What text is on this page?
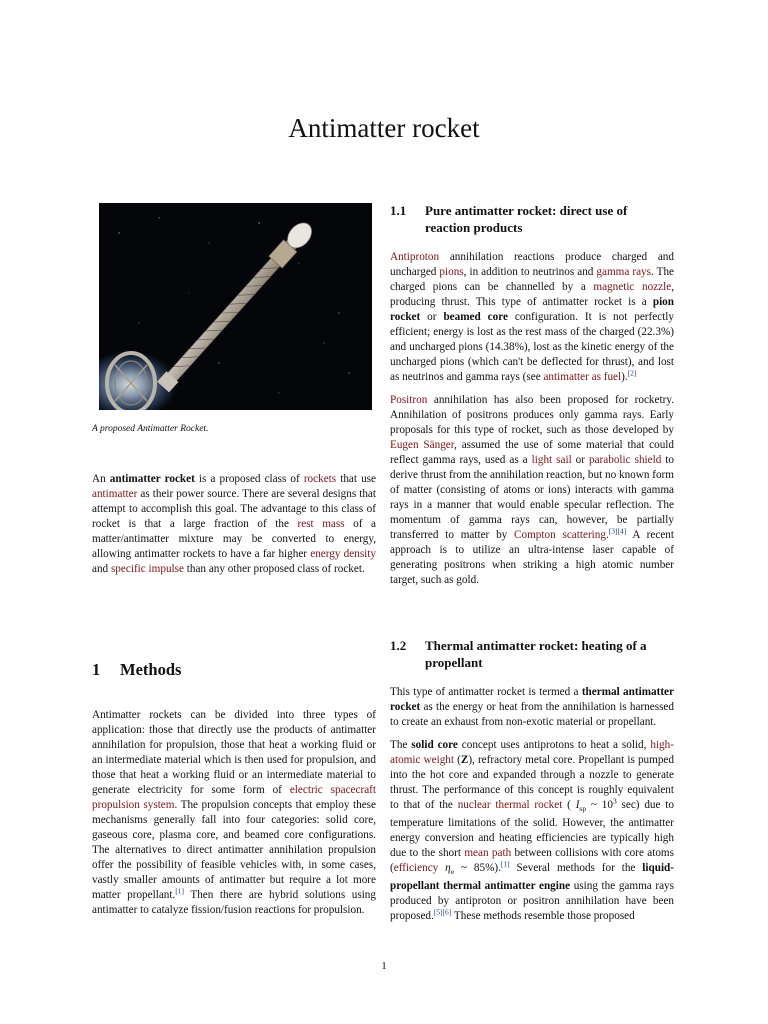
Antimatter rocket
A proposed Antimatter Rocket.

An antimatter rocket is a proposed class of rockets that use antimatter as their power source. There are several designs that attempt to accomplish this goal. The advantage to this class of rocket is that a large fraction of the rest mass of a matter/antimatter mixture may be converted to energy, allowing antimatter rockets to have a far higher energy density and specific impulse than any other proposed class of rocket.

1 Methods

Antimatter rockets can be divided into three types of application: those that directly use the products of antimatter annihilation for propulsion, those that heat a working fluid or an intermediate material which is then used for propulsion, and those that heat a working fluid or an intermediate material to generate electricity for some form of electric spacecraft propulsion system. The propulsion concepts that employ these mechanisms generally fall into four categories: solid core, gaseous core, plasma core, and beamed core configurations. The alternatives to direct antimatter annihilation propulsion offer the possibility of feasible vehicles with, in some cases, vastly smaller amounts of antimatter but require a lot more matter propellant.[1] Then there are hybrid solutions using antimatter to catalyze fission/fusion reactions for propulsion.

1.1	Pure antimatter rocket: direct use of reaction products

Antiproton annihilation reactions produce charged and uncharged pions, in addition to neutrinos and gamma rays. The charged pions can be channelled by a magnetic nozzle, producing thrust. This type of antimatter rocket is a pion rocket or beamed core configuration. It is not perfectly efficient; energy is lost as the rest mass of the charged (22.3%) and uncharged pions (14.38%), lost as the kinetic energy of the uncharged pions (which can't be deflected for thrust), and lost as neutrinos and gamma rays (see antimatter as fuel).[2]

Positron annihilation has also been proposed for rocketry. Annihilation of positrons produces only gamma rays. Early proposals for this type of rocket, such as those developed by Eugen Sänger, assumed the use of some material that could reflect gamma rays, used as a light sail or parabolic shield to derive thrust from the annihilation reaction, but no known form of matter (consisting of atoms or ions) interacts with gamma rays in a manner that would enable specular reflection. The momentum of gamma rays can, however, be partially transferred to matter by Compton scattering.[3][4] A recent approach is to utilize an ultra-intense laser capable of generating positrons when striking a high atomic number target, such as gold.

1.2	Thermal antimatter rocket: heating of a propellant

This type of antimatter rocket is termed a thermal antimatter rocket as the energy or heat from the annihilation is harnessed to create an exhaust from non-exotic material or propellant.

The solid core concept uses antiprotons to heat a solid, high-atomic weight (Z), refractory metal core. Propellant is pumped into the hot core and expanded through a nozzle to generate thrust. The performance of this concept is roughly equivalent to that of the nuclear thermal rocket ( $I_{sp}$ ~ $10^3$ sec) due to temperature limitations of the solid. However, the antimatter energy conversion and heating efficiencies are typically high due to the short mean path between collisions with core atoms (efficiency $\eta_e$ ~ 85%).[1] Several methods for the liquid-propellant thermal antimatter engine using the gamma rays produced by antiproton or positron annihilation have been proposed.[5][6] These methods resemble those proposed

1
